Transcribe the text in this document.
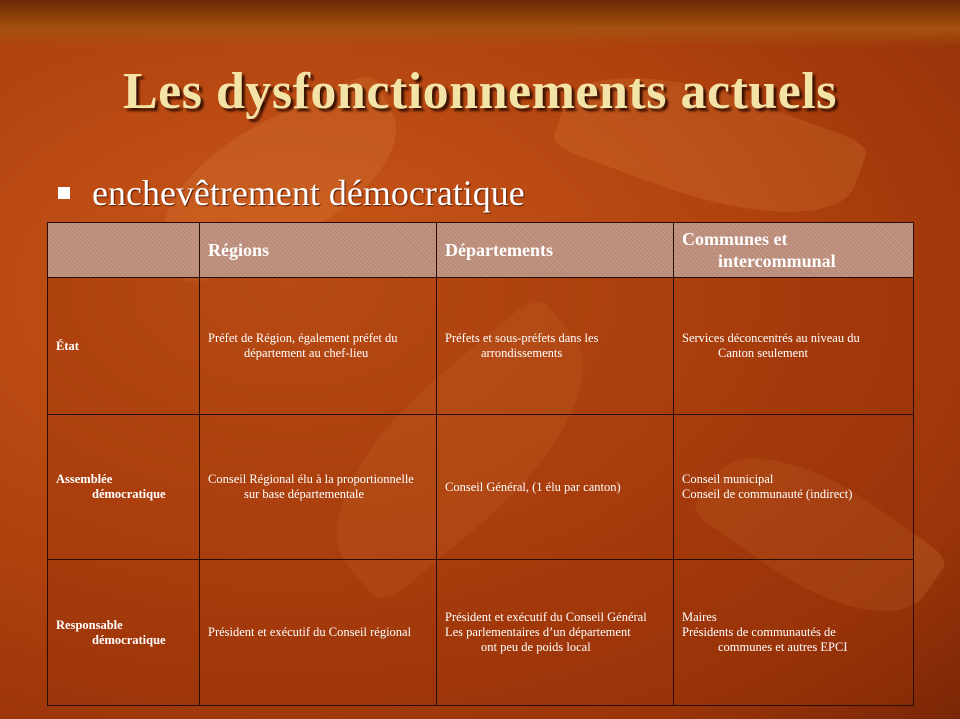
Les dysfonctionnements actuels
enchevêtrement démocratique
	Régions	Départements	Communes et
intercommunal

État	Préfet de Région, également préfet du
département au chef-lieu	Préfets et sous-préfets dans les
arrondissements	Services déconcentrés au niveau du
Canton seulement

Assemblée
démocratique	Conseil Régional élu à la proportionnelle
sur base départementale	Conseil Général, (1 élu par canton)	Conseil municipal
Conseil de communauté (indirect)

Responsable
démocratique	Président et exécutif du Conseil régional	Président et exécutif du Conseil Général
Les parlementaires d’un département
ont peu de poids local	Maires
Présidents de communautés de
communes et autres EPCI
